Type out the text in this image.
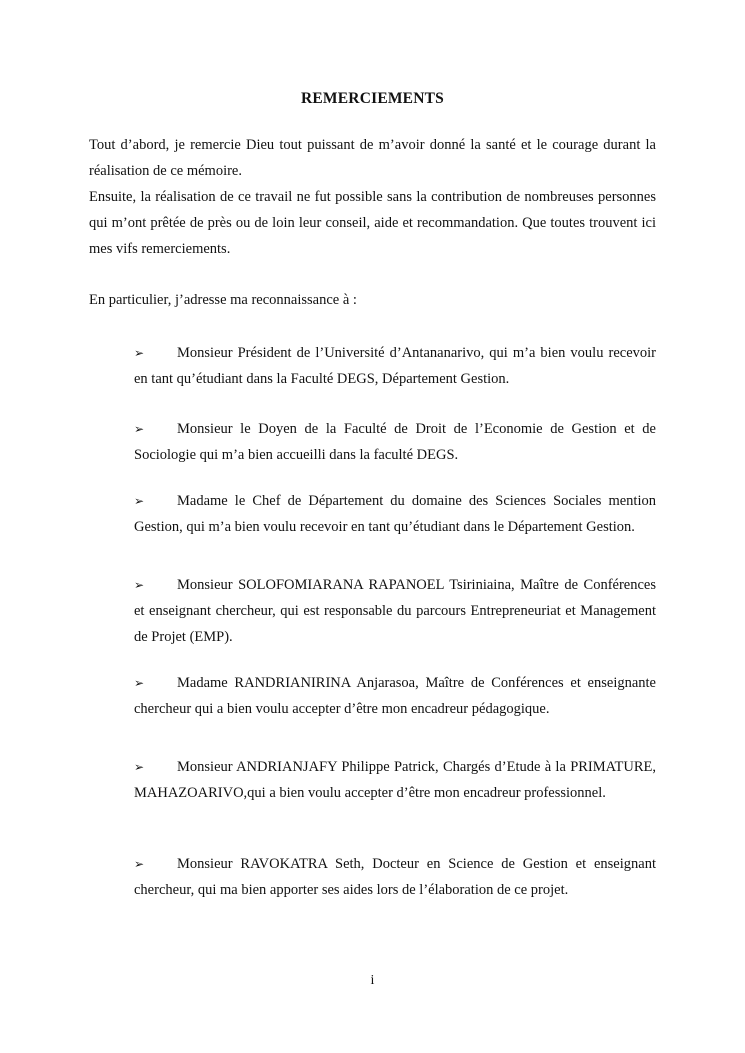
REMERCIEMENTS

Tout d’abord, je remercie Dieu tout puissant de m’avoir donné la santé et le courage durant la réalisation de ce mémoire.

Ensuite, la réalisation de ce travail ne fut possible sans la contribution de nombreuses personnes qui m’ont prêtée de près ou de loin leur conseil, aide et recommandation. Que toutes trouvent ici mes vifs remerciements.

En particulier, j’adresse ma reconnaissance à :

➢ Monsieur Président de l’Université d’Antananarivo, qui m’a bien voulu recevoir en tant qu’étudiant dans la Faculté DEGS, Département Gestion.

➢ Monsieur le Doyen de la Faculté de Droit de l’Economie de Gestion et de Sociologie qui m’a bien accueilli dans la faculté DEGS.

➢ Madame le Chef de Département du domaine des Sciences Sociales mention Gestion, qui m’a bien voulu recevoir en tant qu’étudiant dans le Département Gestion.

➢ Monsieur SOLOFOMIARANA RAPANOEL Tsiriniaina, Maître de Conférences et enseignant chercheur, qui est responsable du parcours Entrepreneuriat et Management de Projet (EMP).

➢ Madame RANDRIANIRINA Anjarasoa, Maître de Conférences et enseignante chercheur qui a bien voulu accepter d’être mon encadreur pédagogique.

➢ Monsieur ANDRIANJAFY Philippe Patrick, Chargés d’Etude à la PRIMATURE, MAHAZOARIVO,qui a bien voulu accepter d’être mon encadreur professionnel.

➢ Monsieur RAVOKATRA Seth, Docteur en Science de Gestion et enseignant chercheur, qui ma bien apporter ses aides lors de l’élaboration de ce projet.

i
